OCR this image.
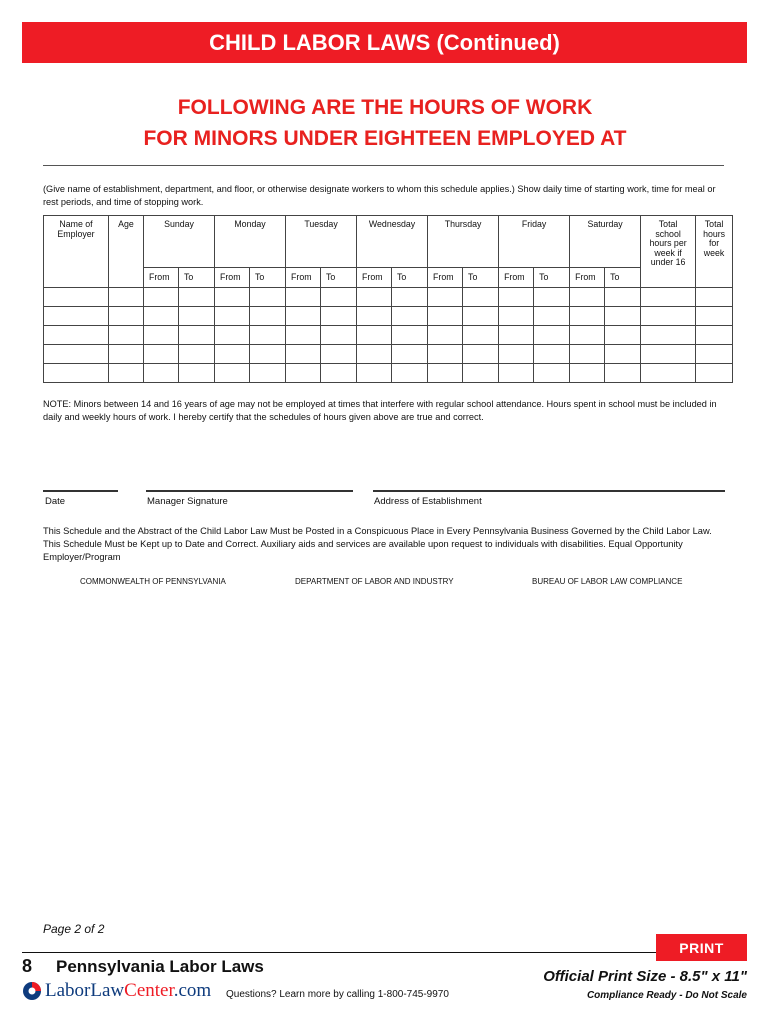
CHILD LABOR LAWS (Continued)
FOLLOWING ARE THE HOURS OF WORK
FOR MINORS UNDER EIGHTEEN EMPLOYED AT
(Give name of establishment, department, and floor, or otherwise designate workers to whom this schedule applies.) Show daily time of starting work, time for meal or rest periods, and time of stopping work.
Name of Employer	Age	Sunday		Monday		Tuesday		Wednesday		Thursday		Friday		Saturday		Total school hours per week if under 16	Total hours for week

		From	To	From	To	From	To	From	To	From	To	From	To	From	To		

NOTE: Minors between 14 and 16 years of age may not be employed at times that interfere with regular school attendance. Hours spent in school must be included in daily and weekly hours of work. I hereby certify that the schedules of hours given above are true and correct.
Date	Manager Signature	Address of Establishment
This Schedule and the Abstract of the Child Labor Law Must be Posted in a Conspicuous Place in Every Pennsylvania Business Governed by the Child Labor Law. This Schedule Must be Kept up to Date and Correct. Auxiliary aids and services are available upon request to individuals with disabilities. Equal Opportunity Employer/Program
COMMONWEALTH OF PENNSYLVANIA	DEPARTMENT OF LABOR AND INDUSTRY	BUREAU OF LABOR LAW COMPLIANCE
Page 2 of 2
PRINT
8 Pennsylvania Labor Laws
LaborLawCenter.com Questions? Learn more by calling 1-800-745-9970
Official Print Size - 8.5" x 11"
Compliance Ready - Do Not Scale
